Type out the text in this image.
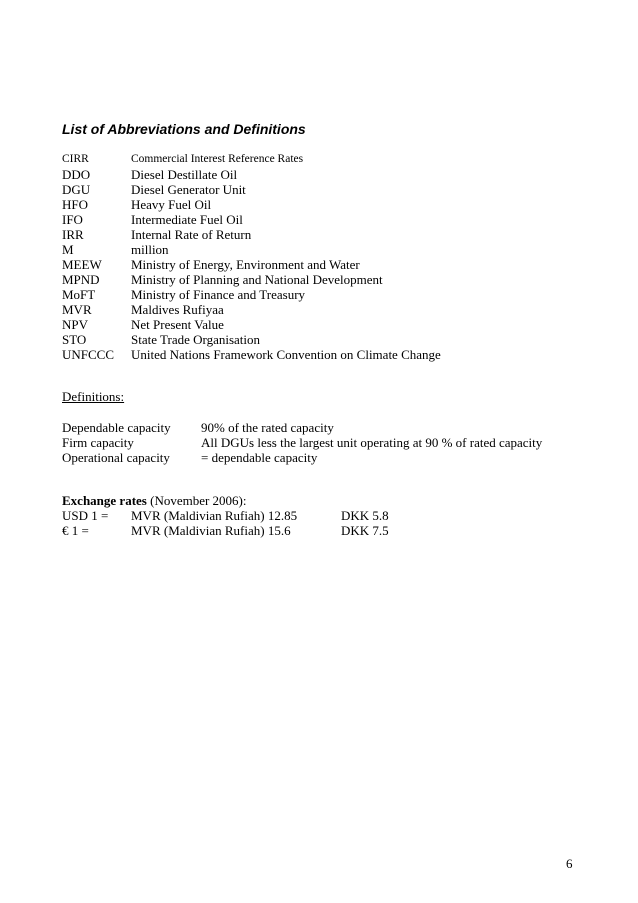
List of Abbreviations and Definitions
CIRR	Commercial Interest Reference Rates
DDO	Diesel Destillate Oil
DGU	Diesel Generator Unit
HFO	Heavy Fuel Oil
IFO	Intermediate Fuel Oil
IRR	Internal Rate of Return
M	million
MEEW	Ministry of Energy, Environment and Water
MPND	Ministry of Planning and National Development
MoFT	Ministry of Finance and Treasury
MVR	Maldives Rufiyaa
NPV	Net Present Value
STO	State Trade Organisation
UNFCCC	United Nations Framework Convention on Climate Change
Definitions:
Dependable capacity	90% of the rated capacity
Firm capacity	All DGUs less the largest unit operating at 90 % of rated capacity
Operational capacity	= dependable capacity
Exchange rates (November 2006):
USD 1 =	MVR (Maldivian Rufiah) 12.85	DKK 5.8
€ 1 =	MVR (Maldivian Rufiah) 15.6	DKK 7.5
6
